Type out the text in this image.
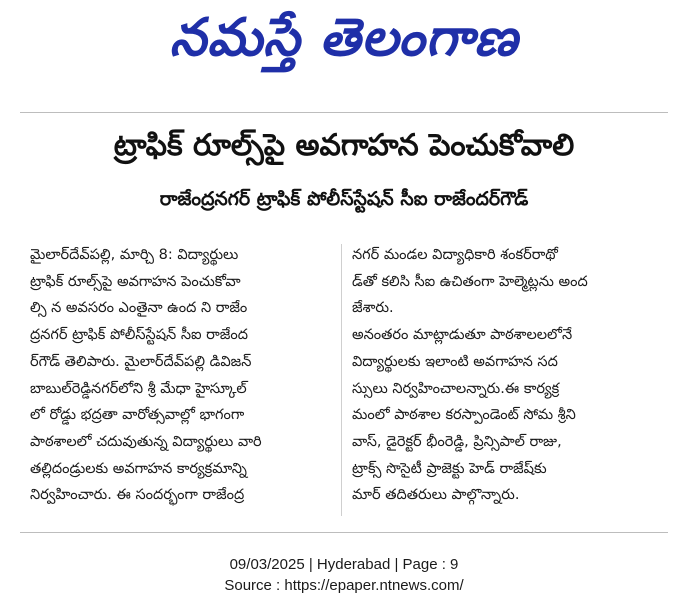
నమస్తే తెలంగాణ
ట్రాఫిక్ రూల్స్‌పై అవగాహన పెంచుకోవాలి
రాజేంద్రనగర్ ట్రాఫిక్ పోలీస్‌స్టేషన్ సీఐ రాజేందర్‌గౌడ్
మైలార్‌దేవ్‌పల్లి, మార్చి 8: విద్యార్థులు
ట్రాఫిక్ రూల్స్‌పై అవగాహన పెంచుకోవా
ల్సి న అవసరం ఎంతైనా ఉంద ని రాజేం
ద్రనగర్ ట్రాఫిక్ పోలీస్‌స్టేషన్ సీఐ రాజేంద
ర్‌గౌడ్ తెలిపారు. మైలార్‌దేవ్‌పల్లి డివిజన్
బాబుల్‌రెడ్డినగర్‌లోని శ్రీ మేధా హైస్కూల్
లో రోడ్డు భద్రతా వారోత్సవాల్లో భాగంగా
పాఠశాలలో చదువుతున్న విద్యార్థులు వారి
తల్లిదండ్రులకు అవగాహన కార్యక్రమాన్ని
నిర్వహించారు. ఈ సందర్భంగా రాజేంద్ర
నగర్ మండల విద్యాధికారి శంకర్‌రాథో
డ్‌తో కలిసి సీఐ ఉచితంగా హెల్మెట్లను అంద
జేశారు.
అనంతరం మాట్లాడుతూ పాఠశాలలలోనే
విద్యార్థులకు ఇలాంటి అవగాహన సద
స్సులు నిర్వహించాలన్నారు.ఈ కార్యక్ర
మంలో పాఠశాల కరస్పాండెంట్ సోమ శ్రీని
వాస్, డైరెక్టర్ భీంరెడ్డి, ప్రిన్సిపాల్ రాజు,
ట్రాక్స్ సొసైటీ ప్రాజెక్టు హెడ్ రాజేష్‌కు
మార్ తదితరులు పాల్గొన్నారు.
09/03/2025 | Hyderabad | Page : 9
Source : https://epaper.ntnews.com/
